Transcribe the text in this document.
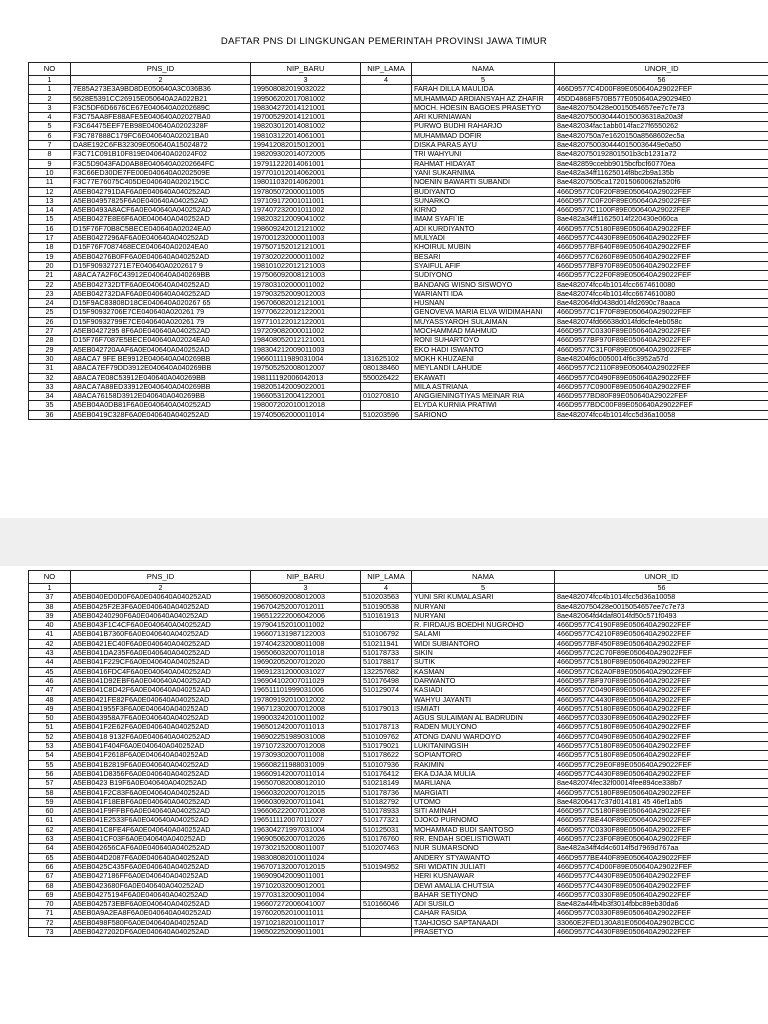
DAFTAR PNS DI LINGKUNGAN PEMERINTAH PROVINSI JAWA TIMUR
NO	PNS_ID	NIP_BARU	NIP_LAMA	NAMA	UNOR_ID
1	2	3	4	5	56
1	7E85A273E3A9BD8DE050640A3C036B36	199508082019032022		FARAH DILLA MAULIDA	466D9577C4D00F89E050640A29022FEF
2	5628E5391CC26915E050640A2A022B21	199506202017081002		MUHAMMAD ARDIANSYAH AZ ZHAFIR	45DD4868F570B577E050640A290294E0
3	F3C5DF6D6676CE67E040640A0202689C	198304272014121001		MOCH. HOESIN BAGOES PRASETYO	8ae4820750428e0015054657ee7c7e73
4	F3C75AA8FE88AFE5E040640A02027BA0	197005292014121001		ARI KURNIAWAN	8ae48207500304440150036318a20a3f
5	F3C64475EEF7EB98E040640A0202328F	198203012014081002		PURWO BUDHI RAHARJO	8ae482034fac1abb014fac27f6550262
6	F3C787888C179FC6E040640A02021BA0	198103122014061001		MUHAMMAD DOFIR	8ae4820750a7e1620150a8568602ec5a
7	DA8E192C6FB32309E050640A15024872	199412082015012001		DISKA PARAS AYU	8ae48207500304440150036449e0a50
8	F3C71C091B10F819E040640A02024F02	198209302014072005		TRI WAHYUNI	8ae4820750192801501b3cb1231a72
9	F3C5D9043FAD0AB8E040640A0202664FC	197911222014061001		RAHMAT HIDAYAT	8ae482859ccebb9015bcfbcf60770ea
10	F3C66ED30DE7FE00E040640A0202509E	197701012014062001		YANI SUKARNIMA	8ae482a34ff11625014f8bc2b9a135b
11	F3C77E76075C405DE040640A020215CC	198011032014062001		NOENIN BAWARTI SUBANDI	8ae48207505ca172015060062fa520f6
12	A5EB042791DAF6A0E040640A040252AD	197805072000011005		BUDIYANTO	466D9577C0F20F89E050640A29022FEF
13	A5EB04957825F6A0E040640A040252AD	197109172001011001		SUNARKO	466D9577C0F20F89E050640A29022FEF
14	A5EB0493A8ACF6A0E040640A040252AD	197407232001011002		KIRNO	466D9577C1100F89E050640A29022FEF
15	A5EB0427E8E6F6A0E040640A040252AD	198203212009041002		IMAM SYAFI`IE	8ae482a34ff11625014f220430e060ca
16	D15F76F70B8C5BECE040640A02024EA0	198609242012121002		ADI KURDIYANTO	466D9577C5180F89E050640A29022FEF
17	A5EB0427296AF6A0E040640A040252AD	197001232000011003		MULYADI	466D9577C4430F89E050640A29022FEF
18	D15F76F7087468ECE040640A02024EA0	197507152012121001		KHOIRUL MUBIN	466D9577BF640F89E050640A29022FEF
19	A5EB04276B0FF6A0E040640A040252AD	197302022000011002		BESARI	466D9577C6260F89E050640A29022FEF
20	D15F909327271E7E040640A0202617 9	198101022012121003		SYAIFUL AFIF	466D9577BF970F89E050640A29022FEF
21	A8ACA7A2F6C43912E040640A040269BB	197506092008121003		SUDIYONO	466D9577C22F0F89E050640A29022FEF
22	A5EB042732DTF6A0E040640A040252AD	197803102000011002		BANDANG WISNO SISWOYO	8ae482074fcc4b1014fcc6674610080
23	A5EB042732DAF6A0E040640A040252AD	197903252009012003		WARIANTI IDA	8ae482074fcc4b1014fcc6674610080
24	D15F9AC83808D18CE040640A020267 65	196706082012121001		HUSNAN	8ae482064fd0438d014fd2690c78aaca
25	D15F90932706E7CE040640A020261 79	197706222012122001		GENOVEVA MARIA ELVA WIDIMAHANI	466D9577C1F70F89E050640A29022FEF
26	D15F90932799E7CE040640A020261 79	197710122012122001		MUYASSYAROH SULAIMAN	8ae482074fd66638d014fd6cfe4eb058c
27	A5EB0427295 8F6A0E040640A040252AD	197209082000011002		MOCHAMMAD MAHMUD	466D9577C0330F89E050640A29022FEF
28	D15F76F7087E5BECE040640A02024EA0	198408052012121001		RONI SUHARTOYO	466D9577BF970F89E050640A29022FEF
29	A5EB042720AAF6A0E040640A040252AD	198304212009011003		EKO HADI ISWANTO	466D9577C31F0F89E050640A29022FEF
30	A8ACA7 9FE BE9912E040640A040269BB	196601111989031004	131625102	MOKH KHUZAENI	8ae48204f6c0050014f6c3952a57d
31	A8ACA7EF79DD3912E040640A040269BB	197505252008012007	080138460	MEYLANDI LAHUDE	466D9577C2110F89E050640A29022FEF
32	A8ACA7E08C53912E040640A040269BB	198111192006042013	550026422	EKAWATI	466D9577C0490F89E050640A29022FEF
33	A8ACA7A88ED33912E040640A040269BB	198205142009022001		MILA ASTRIANA	466D9577C0900F89E050640A29022FEF
34	A8ACA76158D3912E040640A040269BB	196605312004122001	010270810	ANGGIENINGTIYAS MEINAR RIA	466D9577BD80F89E050640A29022FEF
35	A5EB04A0DB81F6A0E040640A040252AD	198007202010012018		ELYDA KURNIA PRATIWI	466D9577BDC00F89E050640A29022FEF
36	A5EB0419C328F6A0E040640A040252AD	197405062000011014	510203596	SARIONO	8ae482074fcc4b1014fcc5d36a10058
NO	PNS_ID	NIP_BARU	NIP_LAMA	NAMA	UNOR_ID
1	2	3	4	5	56
37	A5EB040ED0D0F6A0E040640A040252AD	196506092008012003	510203563	YUNI SRI KUMALASARI	8ae482074fcc4b1014fcc5d36a10058
38	A5EB0425F2E3F6A0E040640A040252AD	196704252007012011	510190538	NURYANI	8ae4820750428e0015054657ee7c7e73
39	A5EB04240290F6A0E040640A040252AD	196512222006042006	510161913	NURYANI	8ae482064fd4daf8014fd50c571f0493
40	A5EB043F1C4CF6A0E040640A040252AD	197904152010011002		R. FIRDAUS BOEDHI NUGROHO	466D9577C4190F89E050640A29022FEF
41	A5EB041B7360F6A0E040640A040252AD	196607131987122003	510106792	SALAMI	466D9577C4210F89E050640A29022FEF
42	A5EB0421EC40F6A0E040640A040252AD	197404232008011008	510211941	WIDI SUBIANTORO	466D9577BF450F89E050640A29022FEF
43	A5EB041DA235F6A0E040640A040252AD	196506032007011018	510178733	SIKIN	466D9577C2C70F89E050640A29022FEF
44	A5EB041F229CF6A0E040640A040252AD	196902052007012020	510178817	SUTIK	466D9577C5180F89E050640A29022FEF
45	A5EB0416FDC4F6A0E040640A040252AD	196912312000031027	132257682	KASMAN	466D9577C62A0F89E050640A29022FEF
46	A5EB041D92EBF6A0E040640A040252AD	196904102007011029	510176498	DARWANTO	466D9577BF970F89E050640A29022FEF
47	A5EB041C8D42F6A0E040640A040252AD	196511101999031006	510129074	KASIADI	466D9577C0490F89E050640A29022FEF
48	A5EB0421FE82F6A0E040640A040252AD	197809192010012002		WAHYU JAYANTI	466D9577C4430F89E050640A29022FEF
49	A5EB041955F3F6A0E040640A040252AD	196712302007012008	510179013	ISMIATI	466D9577C5180F89E050640A29022FEF
50	A5EB043958A7F6A0E040640A040252AD	199003242010011002		AGUS SULAIMAN AL BADRUDIN	466D9577C0330F89E050640A29022FEF
51	A5EB041F2E62F6A0E040640A040252AD	196501242007011013	510178713	RADEN MULYONO	466D9577C5180F89E050640A29022FEF
52	A5EB0418 9132F6A0E040640A040252AD	196902251989031008	510109762	ATONG DANU WARDOYO	466D9577C0490F89E050640A29022FEF
53	A5EB041F404F6A0E040640A040252AD	197107232007012008	510179021	LUKITANINGSIH	466D9577C5180F89E050640A29022FEF
54	A5EB041F2618F6A0E040640A040252AD	197309302007011008	510178622	SOPIANTORO	466D9577C5180F89E050640A29022FEF
55	A5EB041B2819F6A0E040640A040252AD	196608211988031009	510107936	RAKIMIN	466D9577C29E0F89E050640A29022FEF
56	A5EB041D8356F6A0E040640A040252AD	196609142007011014	510176412	EKA DJAJA MULIA	466D9577C4430F89E050640A29022FEF
57	A5EB0423 B19F6A0E040640A040252AD	196507082008012010	510218149	MARLIANA	8ae482074fec32f00014fee894ce338b7
58	A5EB041F2C83F6A0E040640A040252AD	196603202007012015	510178736	MARGIATI	466D9577C5180F89E050640A29022FEF
59	A5EB041F18EBF6A0E040640A040252AD	196603092007011041	510182792	UTOMO	8ae48206417c37d014181 45 46ef1ab5
60	A5EB041F9FFBF6A0E040640A040252AD	196606222007012008	510178933	SITI AMINAH	466D9577C5180F89E050640A29022FEF
61	A5EB041E2533F6A0E040640A040252AD	196511112007011027	510177321	DJOKO PURNOMO	466D9577BE440F89E050640A29022FEF
62	A5EB041C8FE4F6A0E040640A040252AD	196304271997031004	510125031	MOHAMMAD BUDI SANTOSO	466D9577C0330F89E050640A29022FEF
63	A5EB041CF03F6A0E040640A040252AD	196905062007012026	510176760	RR. ENDAH SOELISTIOWATI	466D9577C23F0F89E050640A29022FEF
64	A5EB042656CAF6A0E040640A040252AD	197302152008011007	510207463	NUR SUMARSONO	8ae482a34ff4d4c6014f5d7969d767aa
65	A5EB044D2087F6A0E040640A040252AD	198308082010011024		ANDERY STYAWANTO	466D9577BE440F89E050640A29022FEF
66	A5EB0425C435F6A0E040640A040252AD	196707132007012015	510194952	SRI WIDATIN JULIATI	466D9577C4D00F89E050640A29022FEF
67	A5EB0427186FF6A0E040640A040252AD	196909042009011001		HERI KUSNAWAR	466D9577C4430F89E050640A29022FEF
68	A5EB0423680F6A0E040640A040252AD	197102032009012001		DEWI AMALIA CHUTSIA	466D9577C4430F89E050640A29022FEF
69	A5EB04275194F6A0E040640A040252AD	197703132009011004		BAHAR SETIYONO	466D9577C0330F89E050640A29022FEF
70	A5EB042573EBF6A0E040640A040252AD	196607272006041007	510166046	ADI SUSILO	8ae482a44fb4b3f3014fbbc89eb30da6
71	A5EB0A9A2EA8F6A0E040640A040252AD	197602052010011011		CAHAR FASIDA	466D9577C0330F89E050640A29022FEF
72	A5EB0498F580F6A0E040640A040252AD	197102182010011017		TJAHJOSO SAPTANAADI	33060E2FED130A81E050640A2902BCCC
73	A5EB0427202DF6A0E040640A040252AD	196502252009011001		PRASETYO	466D9577C4430F89E050640A29022FEF
